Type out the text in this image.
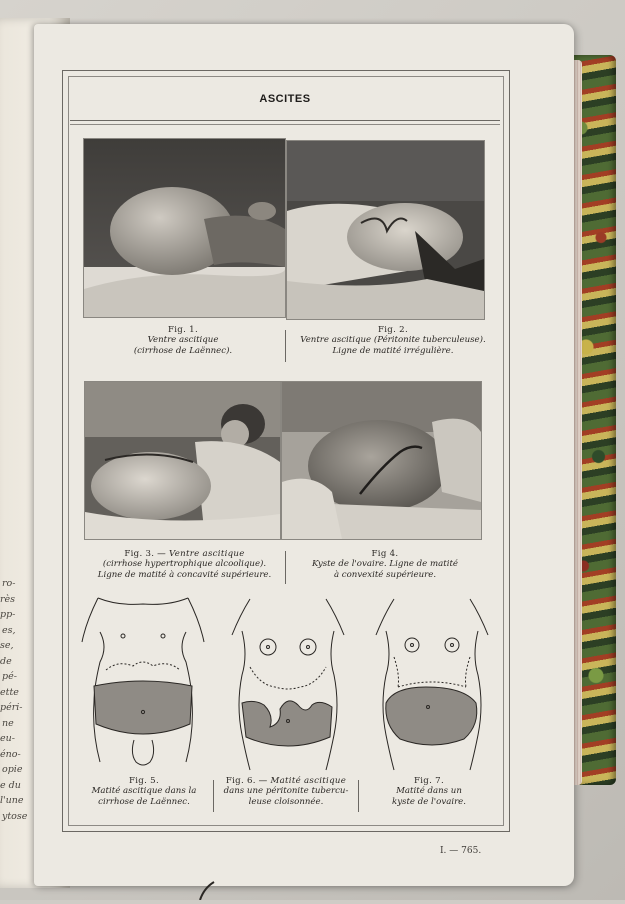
ro-
rès
pp-
es,
se,
de
pé-
ette
péri-
ne
eu-
éno-
opie
e du
l'une
ytose
ASCITES
Fig. 1.
Ventre ascitique
(cirrhose de Laënnec).
Fig. 2.
Ventre ascitique (Péritonite tuberculeuse).
Ligne de matité irrégulière.
Fig. 3. — Ventre ascitique
(cirrhose hypertrophique alcoolique).
Ligne de matité à concavité supérieure.
Fig 4.
Kyste de l'ovaire. Ligne de matité
à convexité supérieure.
Fig. 5.
Matité ascitique dans la
cirrhose de Laënnec.
Fig. 6. — Matité ascitique
dans une péritonite tubercu-
leuse cloisonnée.
Fig. 7.
Matité dans un
kyste de l'ovaire.
I. — 765.
